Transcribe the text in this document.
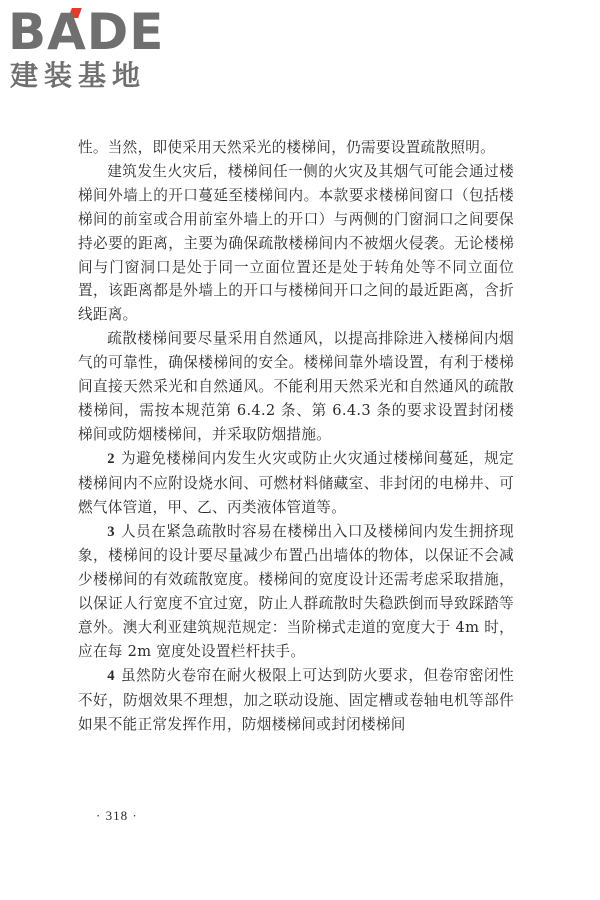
BADE
建装基地

性。当然，即使采用天然采光的楼梯间，仍需要设置疏散照明。

建筑发生火灾后，楼梯间任一侧的火灾及其烟气可能会通过楼梯间外墙上的开口蔓延至楼梯间内。本款要求楼梯间窗口（包括楼梯间的前室或合用前室外墙上的开口）与两侧的门窗洞口之间要保持必要的距离，主要为确保疏散楼梯间内不被烟火侵袭。无论楼梯间与门窗洞口是处于同一立面位置还是处于转角处等不同立面位置，该距离都是外墙上的开口与楼梯间开口之间的最近距离，含折线距离。

疏散楼梯间要尽量采用自然通风，以提高排除进入楼梯间内烟气的可靠性，确保楼梯间的安全。楼梯间靠外墙设置，有利于楼梯间直接天然采光和自然通风。不能利用天然采光和自然通风的疏散楼梯间，需按本规范第 6.4.2 条、第 6.4.3 条的要求设置封闭楼梯间或防烟楼梯间，并采取防烟措施。

2 为避免楼梯间内发生火灾或防止火灾通过楼梯间蔓延，规定楼梯间内不应附设烧水间、可燃材料储藏室、非封闭的电梯井、可燃气体管道，甲、乙、丙类液体管道等。

3 人员在紧急疏散时容易在楼梯出入口及楼梯间内发生拥挤现象，楼梯间的设计要尽量减少布置凸出墙体的物体，以保证不会减少楼梯间的有效疏散宽度。楼梯间的宽度设计还需考虑采取措施，以保证人行宽度不宜过宽，防止人群疏散时失稳跌倒而导致踩踏等意外。澳大利亚建筑规范规定：当阶梯式走道的宽度大于 4m 时，应在每 2m 宽度处设置栏杆扶手。

4 虽然防火卷帘在耐火极限上可达到防火要求，但卷帘密闭性不好，防烟效果不理想，加之联动设施、固定槽或卷轴电机等部件如果不能正常发挥作用，防烟楼梯间或封闭楼梯间

· 318 ·
